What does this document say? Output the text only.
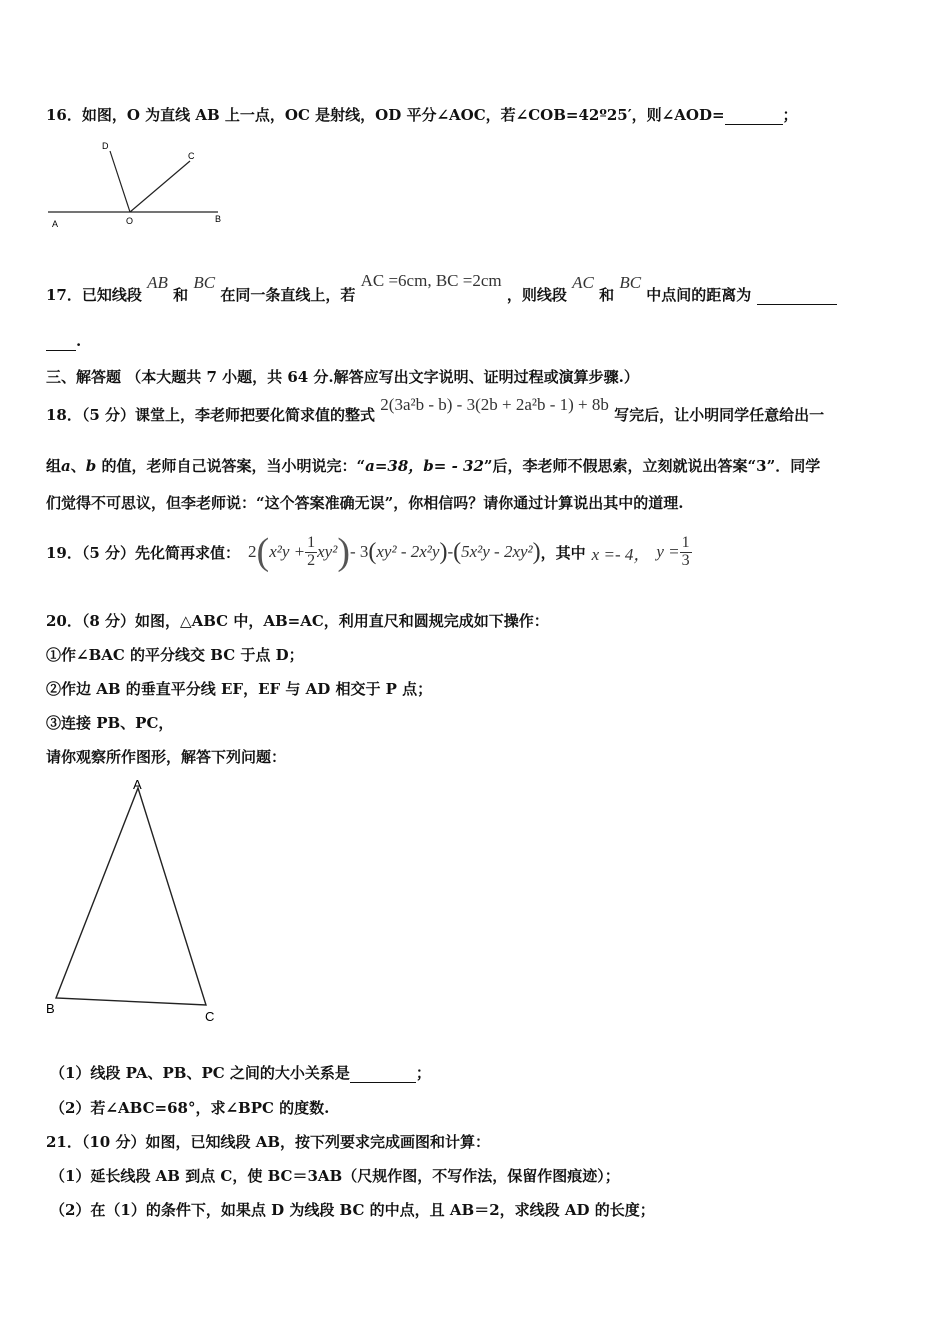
16．如图，O 为直线 AB 上一点，OC 是射线，OD 平分∠AOC，若∠COB=42º25′，则∠AOD=	；
A	O	B
C
D
17．已知线段 AB 和 BC 在同一条直线上，若 AC =6cm, BC =2cm ，则线段 AC 和 BC 中点间的距离为
.
三、解答题 （本大题共 7 小题，共 64 分.解答应写出文字说明、证明过程或演算步骤.）
18．（5 分）课堂上，李老师把要化简求值的整式 2(3a²b - b) - 3(2b + 2a²b - 1) + 8b 写完后，让小明同学任意给出一
组a、b 的值，老师自己说答案，当小明说完：“a=38，b= - 32”后，李老师不假思索，立刻就说出答案“3”．同学
们觉得不可思议，但李老师说：“这个答案准确无误”，你相信吗？请你通过计算说出其中的道理.
19．（5 分）先化简再求值： 2 ( $x^2y + \frac{1}{2} xy^2$ ) - 3 ( xy² - 2x²y ) - ( 5x²y - 2xy² ) ，其中 x =- 4， $y = \frac{1}{3}$
20．（8 分）如图，△ABC 中，AB=AC，利用直尺和圆规完成如下操作：
①作∠BAC 的平分线交 BC 于点 D；
②作边 AB 的垂直平分线 EF，EF 与 AD 相交于 P 点；
③连接 PB、PC，
请你观察所作图形，解答下列问题：
A
B
C
（1）线段 PA、PB、PC 之间的大小关系是	；
（2）若∠ABC=68°，求∠BPC 的度数.
21．（10 分）如图，已知线段 AB，按下列要求完成画图和计算：
（1）延长线段 AB 到点 C，使 BC＝3AB（尺规作图，不写作法，保留作图痕迹）；
（2）在（1）的条件下，如果点 D 为线段 BC 的中点，且 AB＝2，求线段 AD 的长度；
